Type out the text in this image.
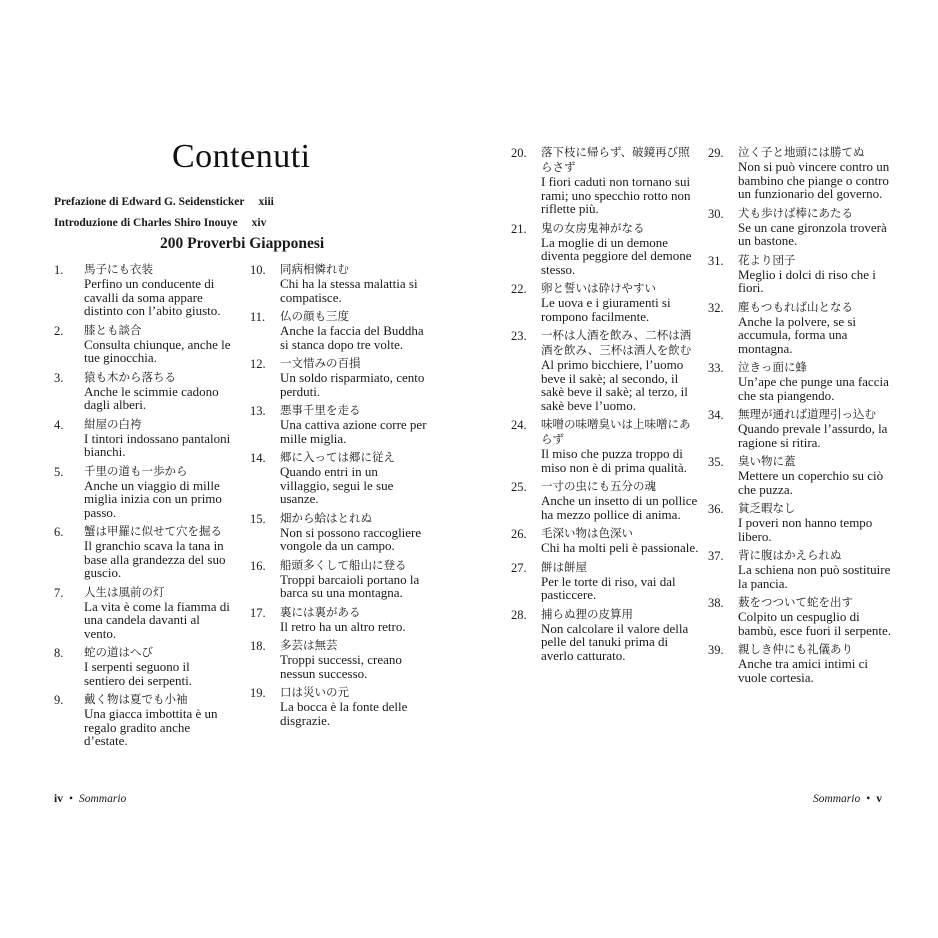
Contenuti
Prefazione di Edward G. Seidensticker xiii
Introduzione di Charles Shiro Inouye xiv
200 Proverbi Giapponesi
1.	馬子にも衣装
Perfino un conducente di cavalli da soma appare distinto con l’abito giusto.
2.	膝とも談合
Consulta chiunque, anche le tue ginocchia.
3.	猿も木から落ちる
Anche le scimmie cadono dagli alberi.
4.	紺屋の白袴
I tintori indossano pantaloni bianchi.
5.	千里の道も一歩から
Anche un viaggio di mille miglia inizia con un primo passo.
6.	蟹は甲羅に似せて穴を掘る
Il granchio scava la tana in base alla grandezza del suo guscio.
7.	人生は風前の灯
La vita è come la fiamma di una candela davanti al vento.
8.	蛇の道はへび
I serpenti seguono il sentiero dei serpenti.
9.	戴く物は夏でも小袖
Una giacca imbottita è un regalo gradito anche d’estate.
10.	同病相憐れむ
Chi ha la stessa malattia si compatisce.
11.	仏の顔も三度
Anche la faccia del Buddha si stanca dopo tre volte.
12.	一文惜みの百損
Un soldo risparmiato, cento perduti.
13.	悪事千里を走る
Una cattiva azione corre per mille miglia.
14.	郷に入っては郷に従え
Quando entri in un villaggio, segui le sue usanze.
15.	畑から蛤はとれぬ
Non si possono raccogliere vongole da un campo.
16.	船頭多くして船山に登る
Troppi barcaioli portano la barca su una montagna.
17.	裏には裏がある
Il retro ha un altro retro.
18.	多芸は無芸
Troppi successi, creano nessun successo.
19.	口は災いの元
La bocca è la fonte delle disgrazie.
iv • Sommario
20.	落下枝に帰らず、破鏡再び照らさず
I fiori caduti non tornano sui rami; uno specchio rotto non riflette più.
21.	鬼の女房鬼神がなる
La moglie di un demone diventa peggiore del demone stesso.
22.	卵と誓いは砕けやすい
Le uova e i giuramenti si rompono facilmente.
23.	一杯は人酒を飲み、二杯は酒酒を飲み、三杯は酒人を飲む
Al primo bicchiere, l’uomo beve il sakè; al secondo, il sakè beve il sakè; al terzo, il sakè beve l’uomo.
24.	味噌の味噌臭いは上味噌にあらず
Il miso che puzza troppo di miso non è di prima qualità.
25.	一寸の虫にも五分の魂
Anche un insetto di un pollice ha mezzo pollice di anima.
26.	毛深い物は色深い
Chi ha molti peli è passionale.
27.	餅は餅屋
Per le torte di riso, vai dal pasticcere.
28.	捕らぬ狸の皮算用
Non calcolare il valore della pelle del tanuki prima di averlo catturato.
29.	泣く子と地頭には勝てぬ
Non si può vincere contro un bambino che piange o contro un funzionario del governo.
30.	犬も歩けば棒にあたる
Se un cane gironzola troverà un bastone.
31.	花より団子
Meglio i dolci di riso che i fiori.
32.	塵もつもれば山となる
Anche la polvere, se si accumula, forma una montagna.
33.	泣きっ面に蜂
Un’ape che punge una faccia che sta piangendo.
34.	無理が通れば道理引っ込む
Quando prevale l’assurdo, la ragione si ritira.
35.	臭い物に蓋
Mettere un coperchio su ciò che puzza.
36.	貧乏暇なし
I poveri non hanno tempo libero.
37.	背に腹はかえられぬ
La schiena non può sostituire la pancia.
38.	薮をつついて蛇を出す
Colpito un cespuglio di bambù, esce fuori il serpente.
39.	親しき仲にも礼儀あり
Anche tra amici intimi ci vuole cortesia.
Sommario • v
